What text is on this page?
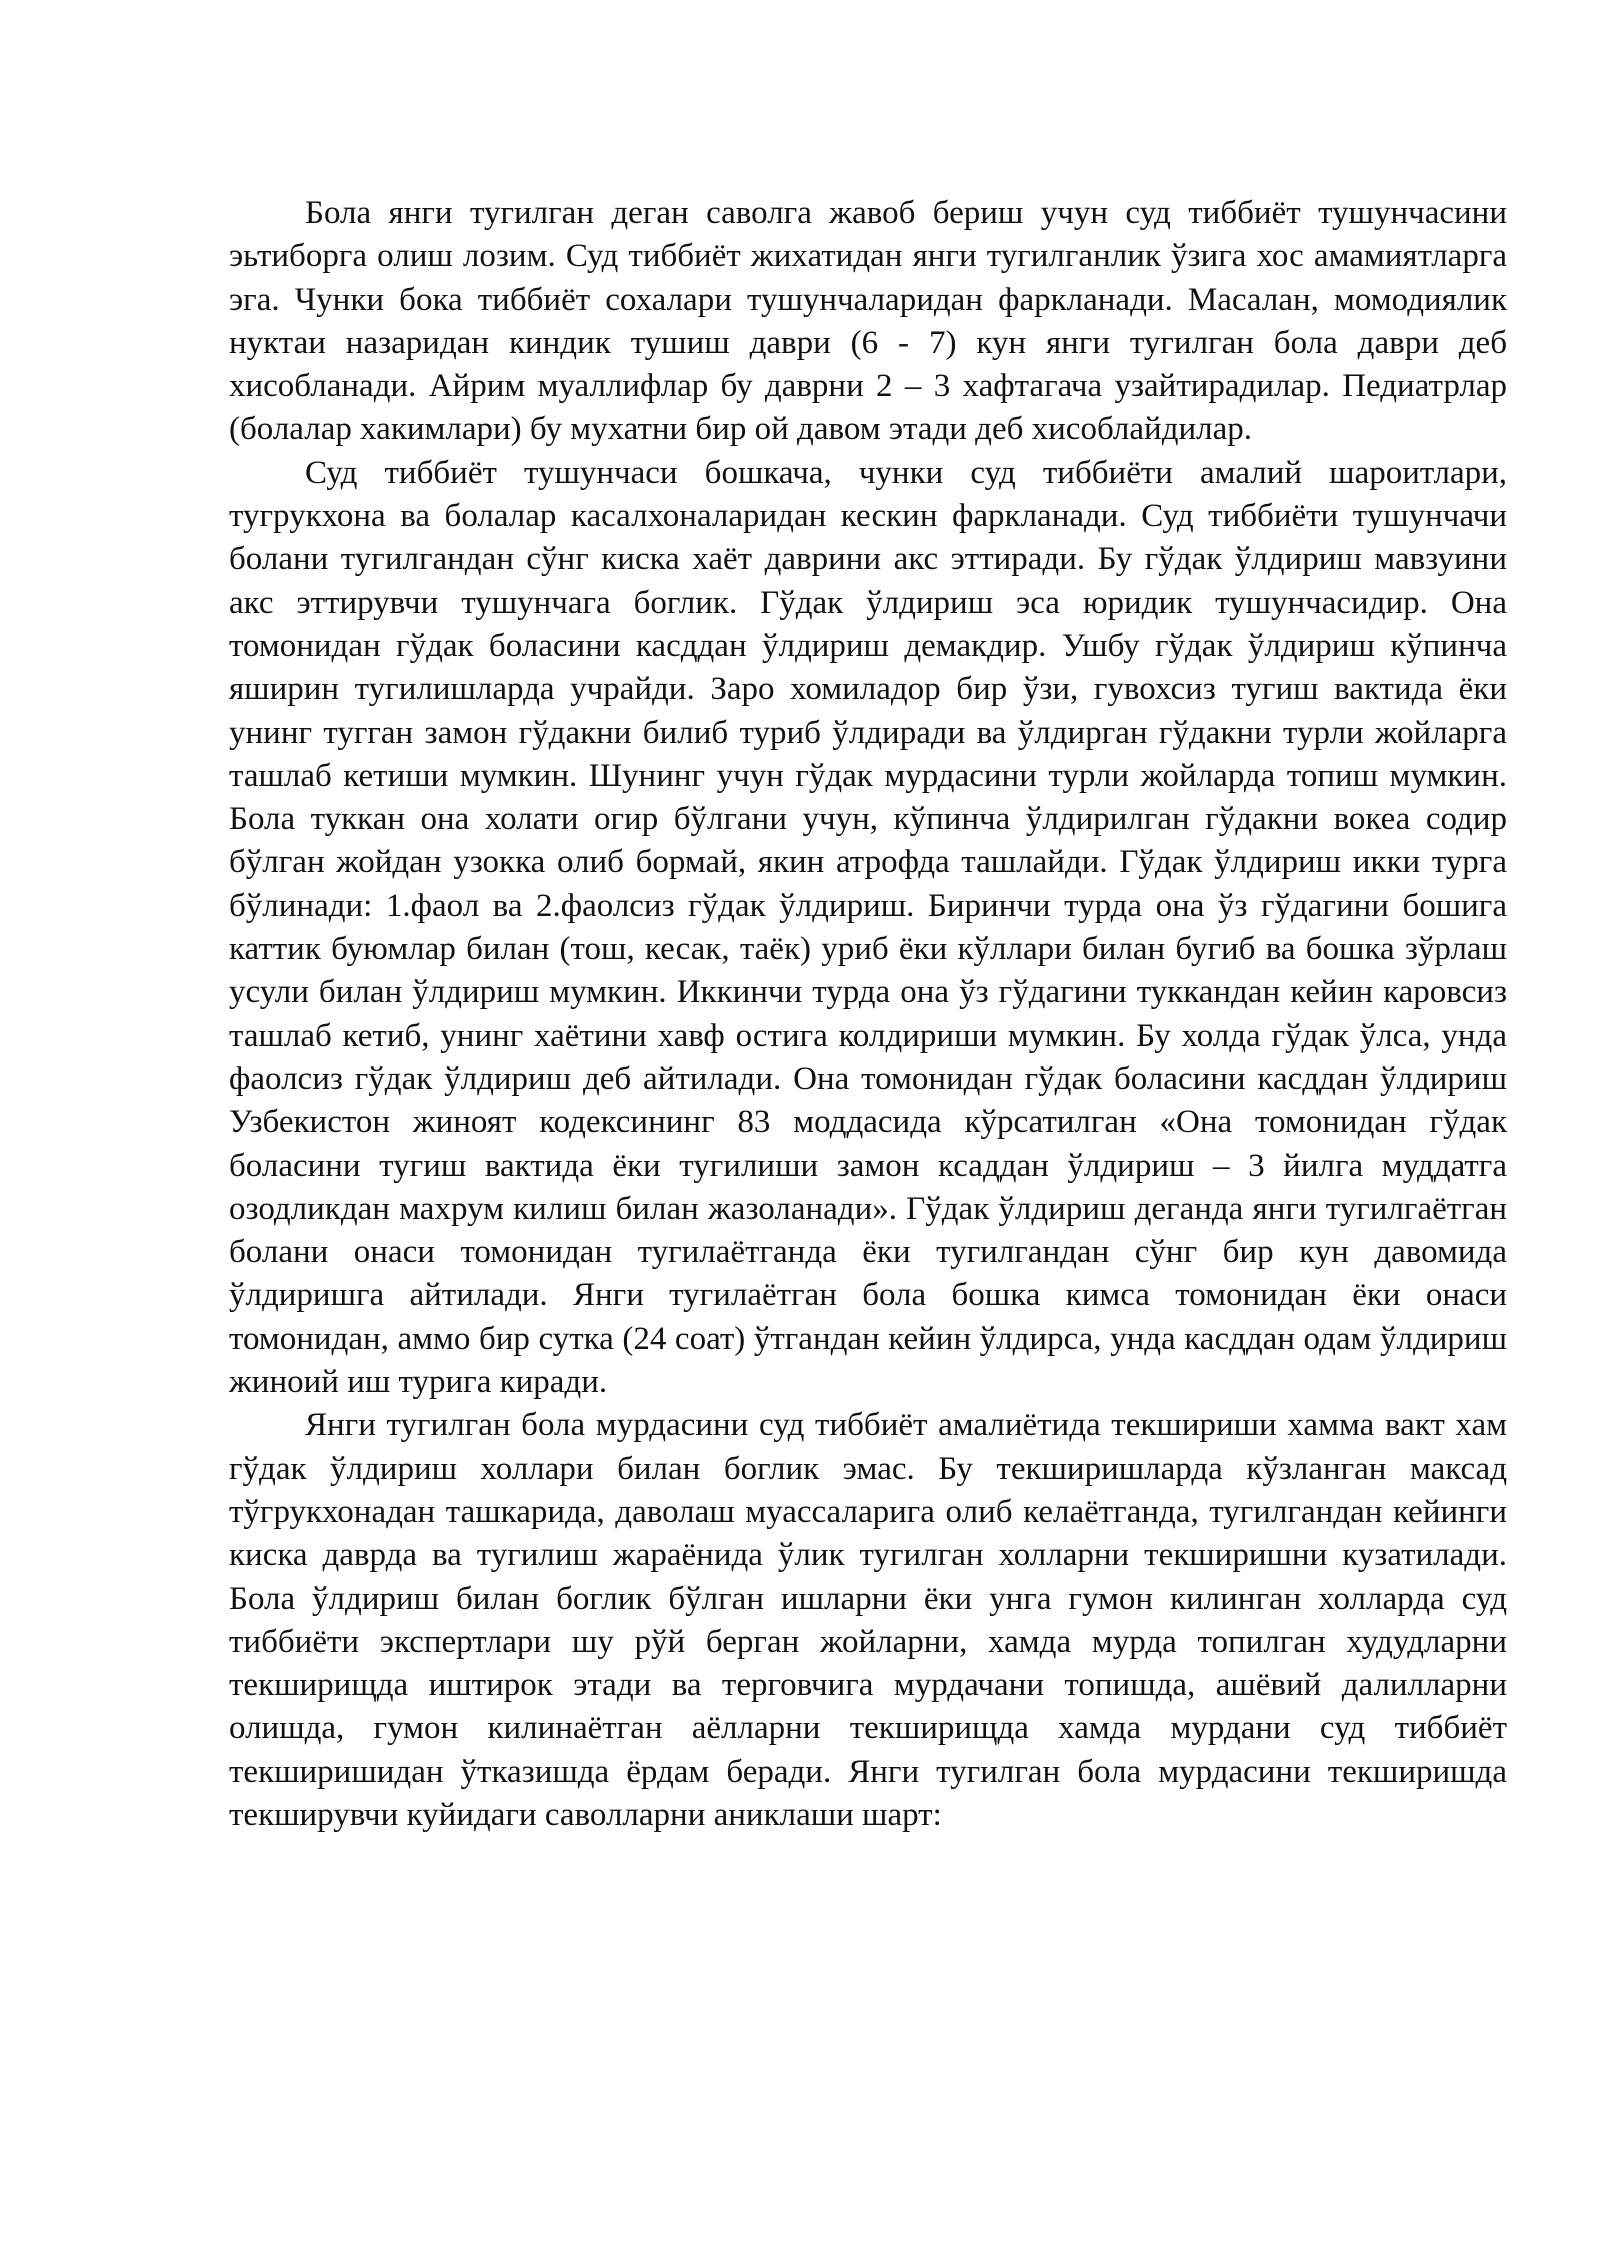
Бола янги тугилган деган саволга жавоб бериш учун суд тиббиёт тушунчасини эьтиборга олиш лозим. Суд тиббиёт жихатидан янги тугилганлик ўзига хос амамиятларга эга. Чунки бока тиббиёт сохалари тушунчаларидан фаркланади. Масалан, момодиялик нуктаи назаридан киндик тушиш даври (6 - 7) кун янги тугилган бола даври деб хисобланади. Айрим муаллифлар бу даврни 2 – 3 хафтагача узайтирадилар. Педиатрлар (болалар хакимлари) бу мухатни бир ой давом этади деб хисоблайдилар.

Суд тиббиёт тушунчаси бошкача, чунки суд тиббиёти амалий шароитлари, тугрукхона ва болалар касалхоналаридан кескин фаркланади. Суд тиббиёти тушунчачи болани тугилгандан сўнг киска хаёт даврини акс эттиради. Бу гўдак ўлдириш мавзуини акс эттирувчи тушунчага боглик. Гўдак ўлдириш эса юридик тушунчасидир. Она томонидан гўдак боласини касддан ўлдириш демакдир. Ушбу гўдак ўлдириш кўпинча яширин тугилишларда учрайди. Заро хомиладор бир ўзи, гувохсиз тугиш вактида ёки унинг туггaн замон гўдакни билиб туриб ўлдиради ва ўлдирган гўдакни турли жойларга ташлаб кетиши мумкин. Шунинг учун гўдак мурдасини турли жойларда топиш мумкин. Бола туккан она холати огир бўлгани учун, кўпинча ўлдирилган гўдакни вокеа содир бўлган жойдан узокка олиб бормай, якин атрофда ташлайди. Гўдак ўлдириш икки турга бўлинади: 1.фаол ва 2.фаолсиз гўдак ўлдириш. Биринчи турда она ўз гўдагини бошига каттик буюмлар билан (тош, кесак, таёк) уриб ёки кўллари билан бугиб ва бошка зўрлаш усули билан ўлдириш мумкин. Иккинчи турда она ўз гўдагини туккандан кейин каровсиз ташлаб кетиб, унинг хаётини хавф остига колдириши мумкин. Бу холда гўдак ўлса, унда фаолсиз гўдак ўлдириш деб айтилади. Она томонидан гўдак боласини касддан ўлдириш Узбекистон жиноят кодексининг 83 моддасида кўрсатилган «Она томонидан гўдак боласини тугиш вактида ёки тугилиши замон ксаддан ўлдириш – 3 йилга муддатга озодликдан махрум килиш билан жазоланади». Гўдак ўлдириш деганда янги тугилгаётган болани онаси томонидан тугилаётганда ёки тугилгандан сўнг бир кун давомида ўлдиришга айтилади. Янги тугилаётган бола бошка кимса томонидан ёки онаси томонидан, аммо бир сутка (24 соат) ўтгандан кейин ўлдирса, унда касддан одам ўлдириш жиноий иш турига киради.

Янги тугилган бола мурдасини суд тиббиёт амалиётида текшириши хамма вакт хам гўдак ўлдириш холлари билан боглик эмас. Бу текширишларда кўзланган максад тўгрукхонадан ташкарида, даволаш муассаларига олиб келаётганда, тугилгандан кейинги киска даврда ва тугилиш жараёнида ўлик тугилган холларни текширишни кузатилади. Бола ўлдириш билан боглик бўлган ишларни ёки унга гумон килинган холларда суд тиббиёти экспертлари шу рўй берган жойларни, хамда мурда топилган худудларни текширищда иштирок этади ва терговчига мурдачани топишда, ашёвий далилларни олишда, гумон килинаётган аёлларни текширищда хамда мурдани суд тиббиёт текширишидан ўтказишда ёрдам беради. Янги тугилган бола мурдасини текширишда текширувчи куйидаги саволларни аниклаши шарт:
